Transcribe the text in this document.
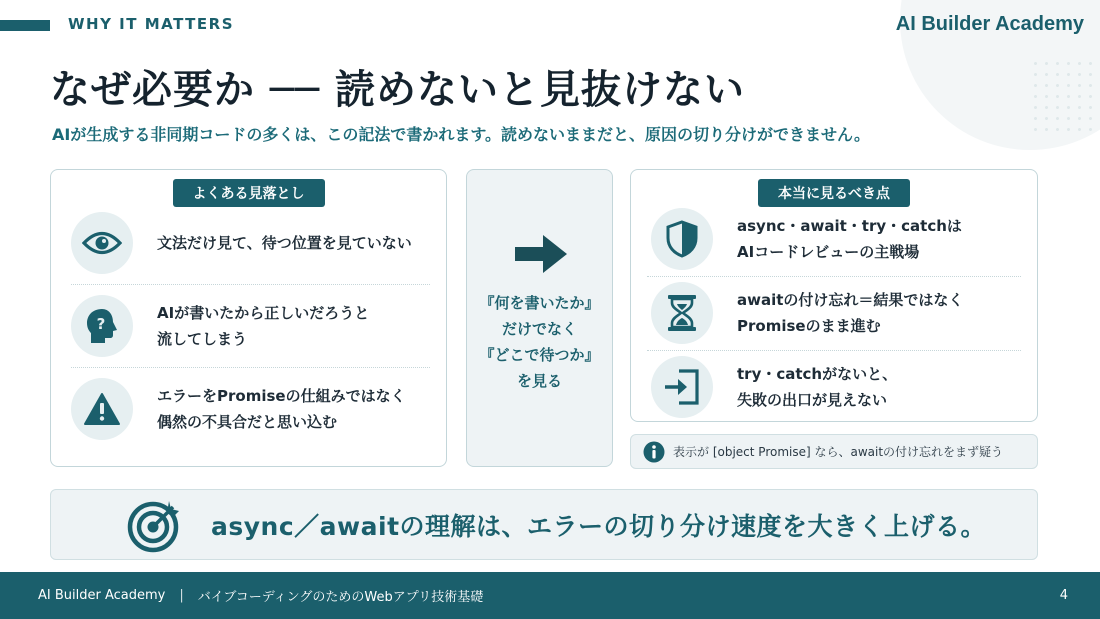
WHY IT MATTERS	AI Builder Academy
なぜ必要か ── 読めないと見抜けない
AIが生成する非同期コードの多くは、この記法で書かれます。読めないままだと、原因の切り分けができません。
よくある見落とし
文法だけ見て、待つ位置を見ていない
?
AIが書いたから正しいだろうと
流してしまう
エラーをPromiseの仕組みではなく
偶然の不具合だと思い込む
『何を書いたか』
だけでなく
『どこで待つか』
を見る
本当に見るべき点
async・await・try・catchは
AIコードレビューの主戦場
awaitの付け忘れ＝結果ではなく
Promiseのまま進む
try・catchがないと、
失敗の出口が見えない
表示が [object Promise] なら、awaitの付け忘れをまず疑う
async／awaitの理解は、エラーの切り分け速度を大きく上げる。
AI Builder Academy | バイブコーディングのためのWebアプリ技術基礎	4
